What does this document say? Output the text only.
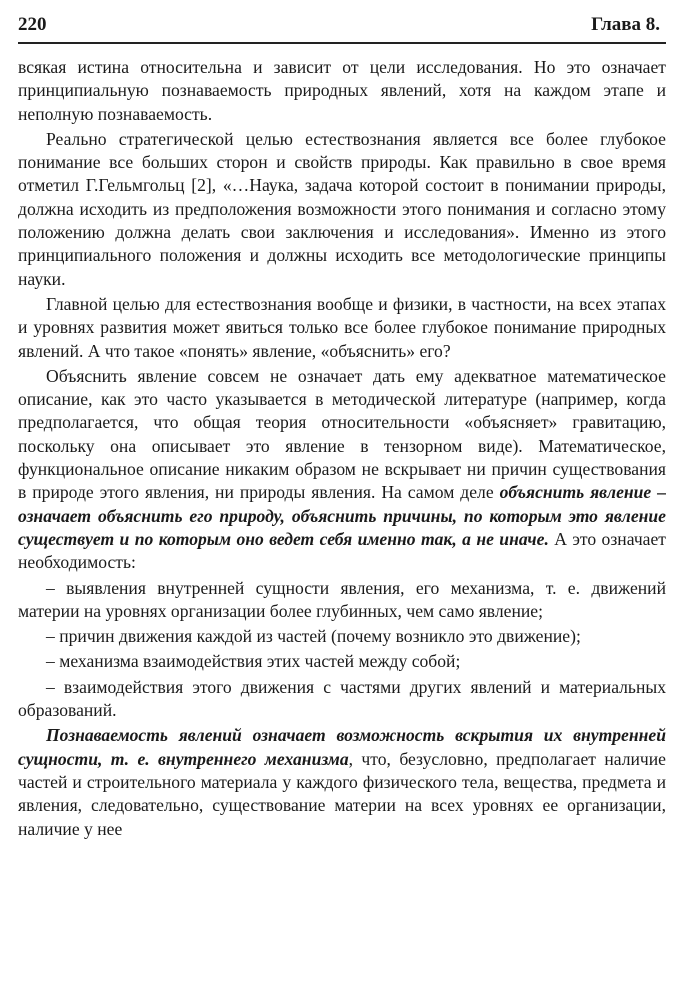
220	Глава 8.

всякая истина относительна и зависит от цели исследования. Но это означает принципиальную познаваемость природных явлений, хотя на каждом этапе и неполную познаваемость.

Реально стратегической целью естествознания является все более глубокое понимание все больших сторон и свойств природы. Как правильно в свое время отметил Г.Гельмгольц [2], «…Наука, задача которой состоит в понимании природы, должна исходить из предположения возможности этого понимания и согласно этому положению должна делать свои заключения и исследования». Именно из этого принципиального положения и должны исходить все методологические принципы науки.

Главной целью для естествознания вообще и физики, в частности, на всех этапах и уровнях развития может явиться только все более глубокое понимание природных явлений. А что такое «понять» явление, «объяснить» его?

Объяснить явление совсем не означает дать ему адекватное математическое описание, как это часто указывается в методической литературе (например, когда предполагается, что общая теория относительности «объясняет» гравитацию, поскольку она описывает это явление в тензорном виде). Математическое, функциональное описание никаким образом не вскрывает ни причин существования в природе этого явления, ни природы явления. На самом деле объяснить явление – означает объяснить его природу, объяснить причины, по которым это явление существует и по которым оно ведет себя именно так, а не иначе. А это означает необходимость:

– выявления внутренней сущности явления, его механизма, т. е. движений материи на уровнях организации более глубинных, чем само явление;

– причин движения каждой из частей (почему возникло это движение);

– механизма взаимодействия этих частей между собой;

– взаимодействия этого движения с частями других явлений и материальных образований.

Познаваемость явлений означает возможность вскрытия их внутренней сущности, т. е. внутреннего механизма, что, безусловно, предполагает наличие частей и строительного материала у каждого физического тела, вещества, предмета и явления, следовательно, существование материи на всех уровнях ее организации, наличие у нее
